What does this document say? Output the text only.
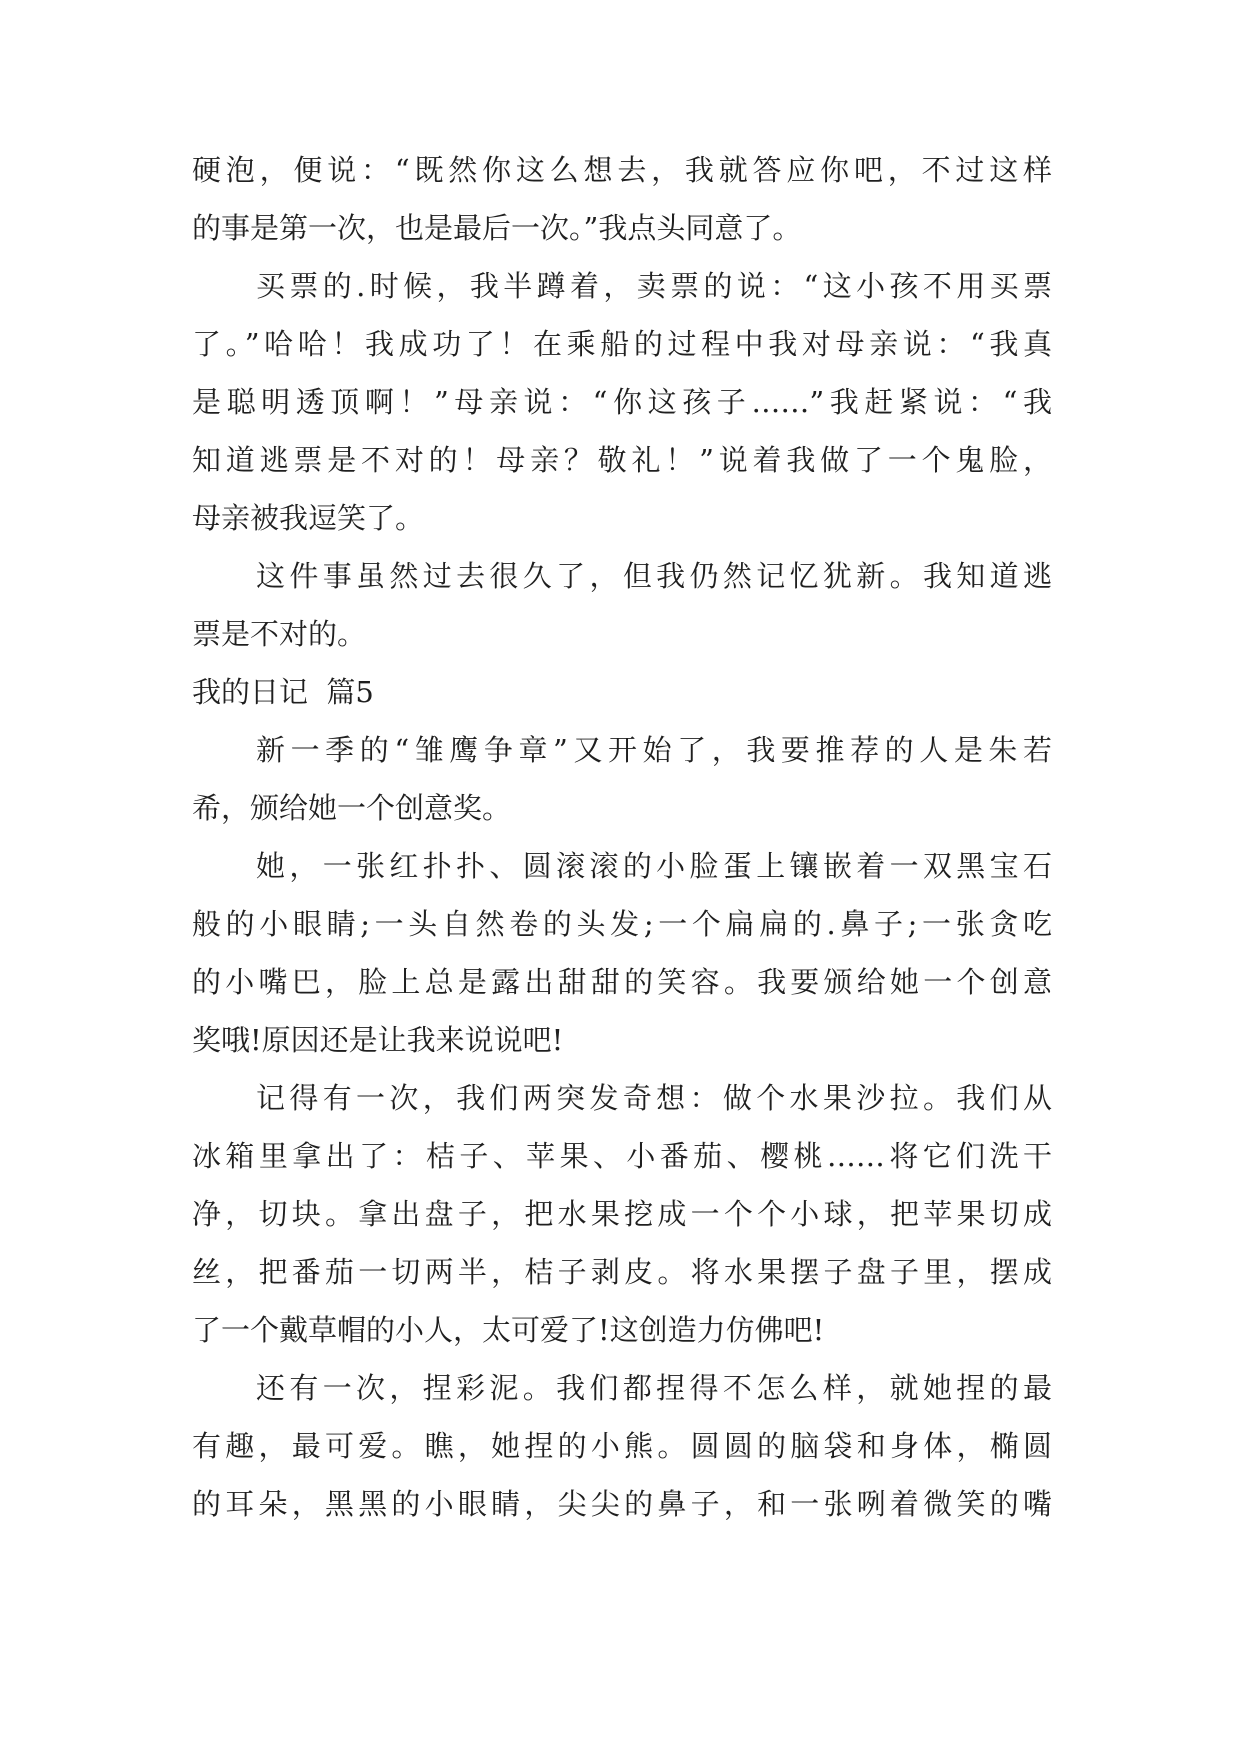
硬泡，便说：“既然你这么想去，我就答应你吧，不过这样

的事是第一次，也是最后一次。”我点头同意了。

买票的.时候，我半蹲着，卖票的说：“这小孩不用买票

了。”哈哈！我成功了！在乘船的过程中我对母亲说：“我真

是聪明透顶啊！”母亲说：“你这孩子……”我赶紧说：“我

知道逃票是不对的！母亲？敬礼！”说着我做了一个鬼脸，

母亲被我逗笑了。

这件事虽然过去很久了，但我仍然记忆犹新。我知道逃

票是不对的。

我的日记  篇5

新一季的“雏鹰争章”又开始了，我要推荐的人是朱若

希，颁给她一个创意奖。

她，一张红扑扑、圆滚滚的小脸蛋上镶嵌着一双黑宝石

般的小眼睛;一头自然卷的头发;一个扁扁的.鼻子;一张贪吃

的小嘴巴，脸上总是露出甜甜的笑容。我要颁给她一个创意

奖哦!原因还是让我来说说吧!

记得有一次，我们两突发奇想：做个水果沙拉。我们从

冰箱里拿出了：桔子、苹果、小番茄、樱桃……将它们洗干

净，切块。拿出盘子，把水果挖成一个个小球，把苹果切成

丝，把番茄一切两半，桔子剥皮。将水果摆子盘子里，摆成

了一个戴草帽的小人，太可爱了!这创造力仿佛吧!

还有一次，捏彩泥。我们都捏得不怎么样，就她捏的最

有趣，最可爱。瞧，她捏的小熊。圆圆的脑袋和身体，椭圆

的耳朵，黑黑的小眼睛，尖尖的鼻子，和一张咧着微笑的嘴
